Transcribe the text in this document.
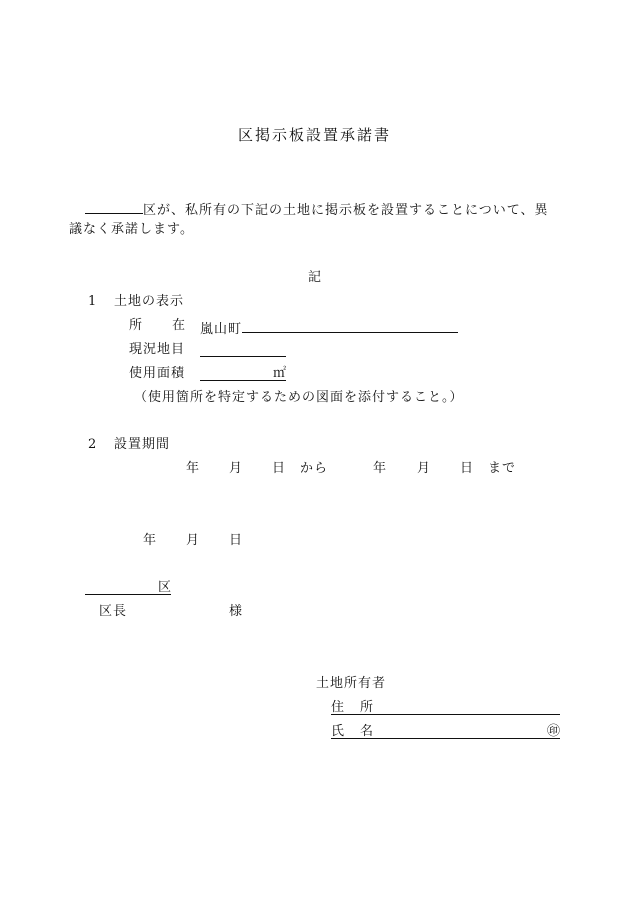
区掲示板設置承諾書
区が、私所有の下記の土地に掲示板を設置することについて、異
議なく承諾します。
記
1 土地の表示
所 在 嵐山町
現況地目
使用面積	㎡
（使用箇所を特定するための図面を添付すること。）
2 設置期間
年 月 日 から	年 月 日 まで
年 月 日
区
区長	様
土地所有者
住 所
氏 名	㊞
